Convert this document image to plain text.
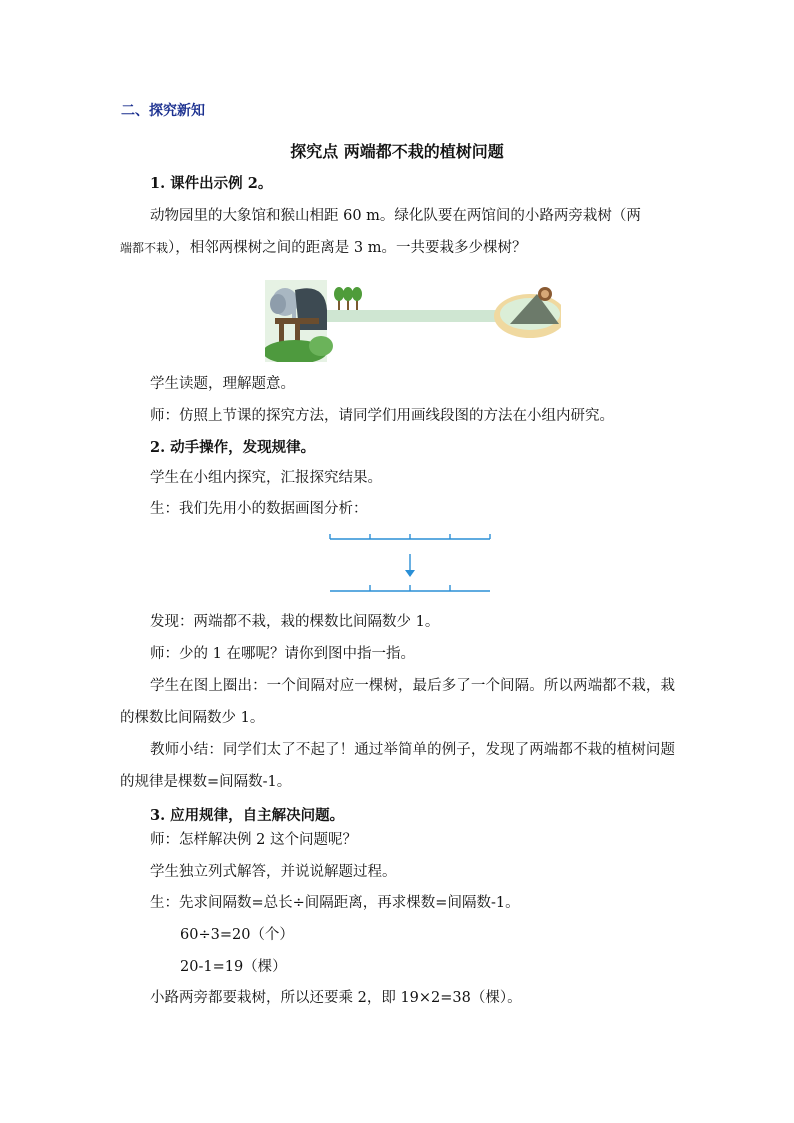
二、探究新知
探究点 两端都不栽的植树问题
1. 课件出示例 2。
动物园里的大象馆和猴山相距 60 m。绿化队要在两馆间的小路两旁栽树（两
端都不栽），相邻两棵树之间的距离是 3 m。一共要栽多少棵树？
学生读题，理解题意。
师：仿照上节课的探究方法，请同学们用画线段图的方法在小组内研究。
2. 动手操作，发现规律。
学生在小组内探究，汇报探究结果。
生：我们先用小的数据画图分析：
发现：两端都不栽，栽的棵数比间隔数少 1。
师：少的 1 在哪呢？请你到图中指一指。
学生在图上圈出：一个间隔对应一棵树，最后多了一个间隔。所以两端都不栽，栽的棵数比间隔数少 1。
教师小结：同学们太了不起了！通过举简单的例子，发现了两端都不栽的植树问题的规律是棵数=间隔数-1。
3. 应用规律，自主解决问题。
师：怎样解决例 2 这个问题呢？
学生独立列式解答，并说说解题过程。
生：先求间隔数=总长÷间隔距离，再求棵数=间隔数-1。
60÷3=20（个）
20-1=19（棵）
小路两旁都要栽树，所以还要乘 2，即 19×2=38（棵）。
